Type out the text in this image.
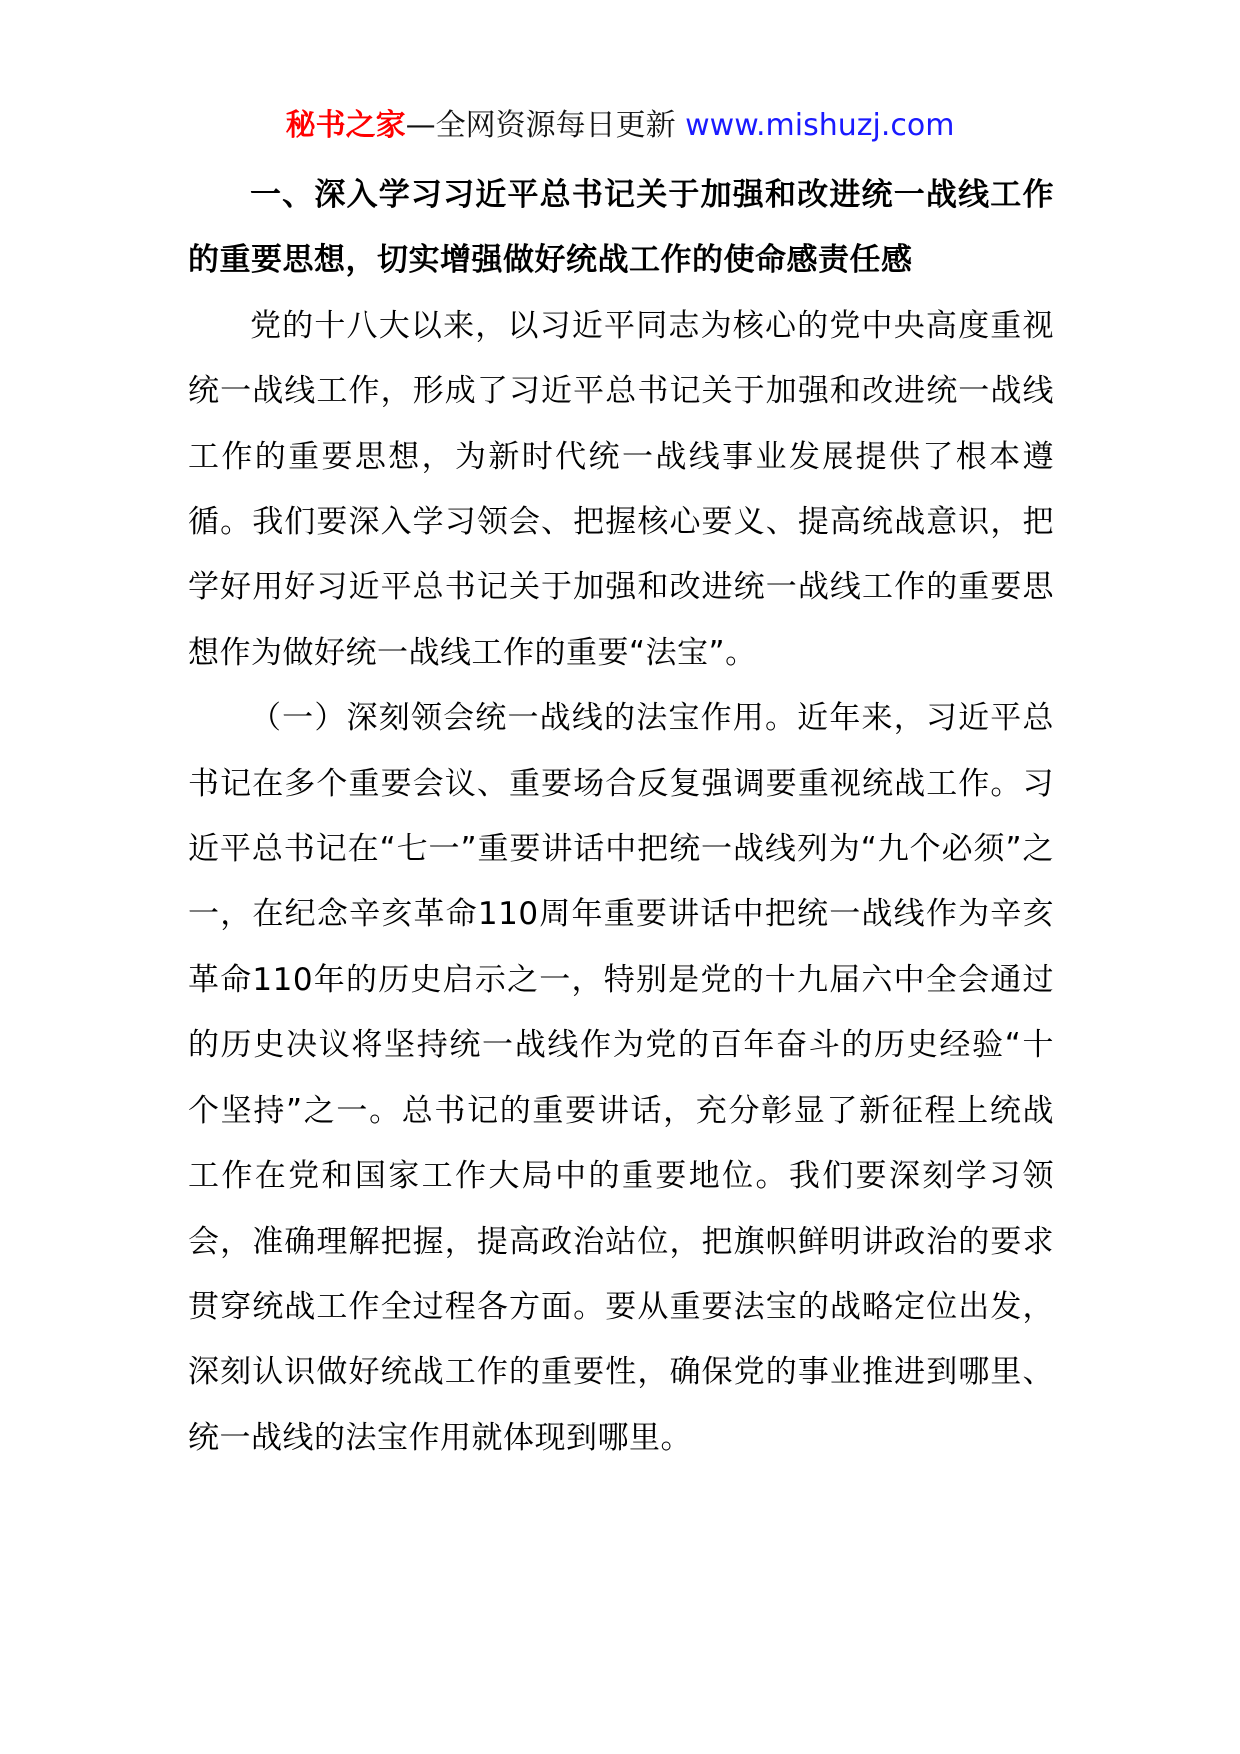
秘书之家—全网资源每日更新 www.mishuzj.com

一、深入学习习近平总书记关于加强和改进统一战线工作的重要思想，切实增强做好统战工作的使命感责任感

党的十八大以来，以习近平同志为核心的党中央高度重视统一战线工作，形成了习近平总书记关于加强和改进统一战线工作的重要思想，为新时代统一战线事业发展提供了根本遵循。我们要深入学习领会、把握核心要义、提高统战意识，把学好用好习近平总书记关于加强和改进统一战线工作的重要思想作为做好统一战线工作的重要“法宝”。

（一）深刻领会统一战线的法宝作用。近年来，习近平总书记在多个重要会议、重要场合反复强调要重视统战工作。习近平总书记在“七一”重要讲话中把统一战线列为“九个必须”之一，在纪念辛亥革命110周年重要讲话中把统一战线作为辛亥革命110年的历史启示之一，特别是党的十九届六中全会通过的历史决议将坚持统一战线作为党的百年奋斗的历史经验“十个坚持”之一。总书记的重要讲话，充分彰显了新征程上统战工作在党和国家工作大局中的重要地位。我们要深刻学习领会，准确理解把握，提高政治站位，把旗帜鲜明讲政治的要求贯穿统战工作全过程各方面。要从重要法宝的战略定位出发，深刻认识做好统战工作的重要性，确保党的事业推进到哪里、统一战线的法宝作用就体现到哪里。
